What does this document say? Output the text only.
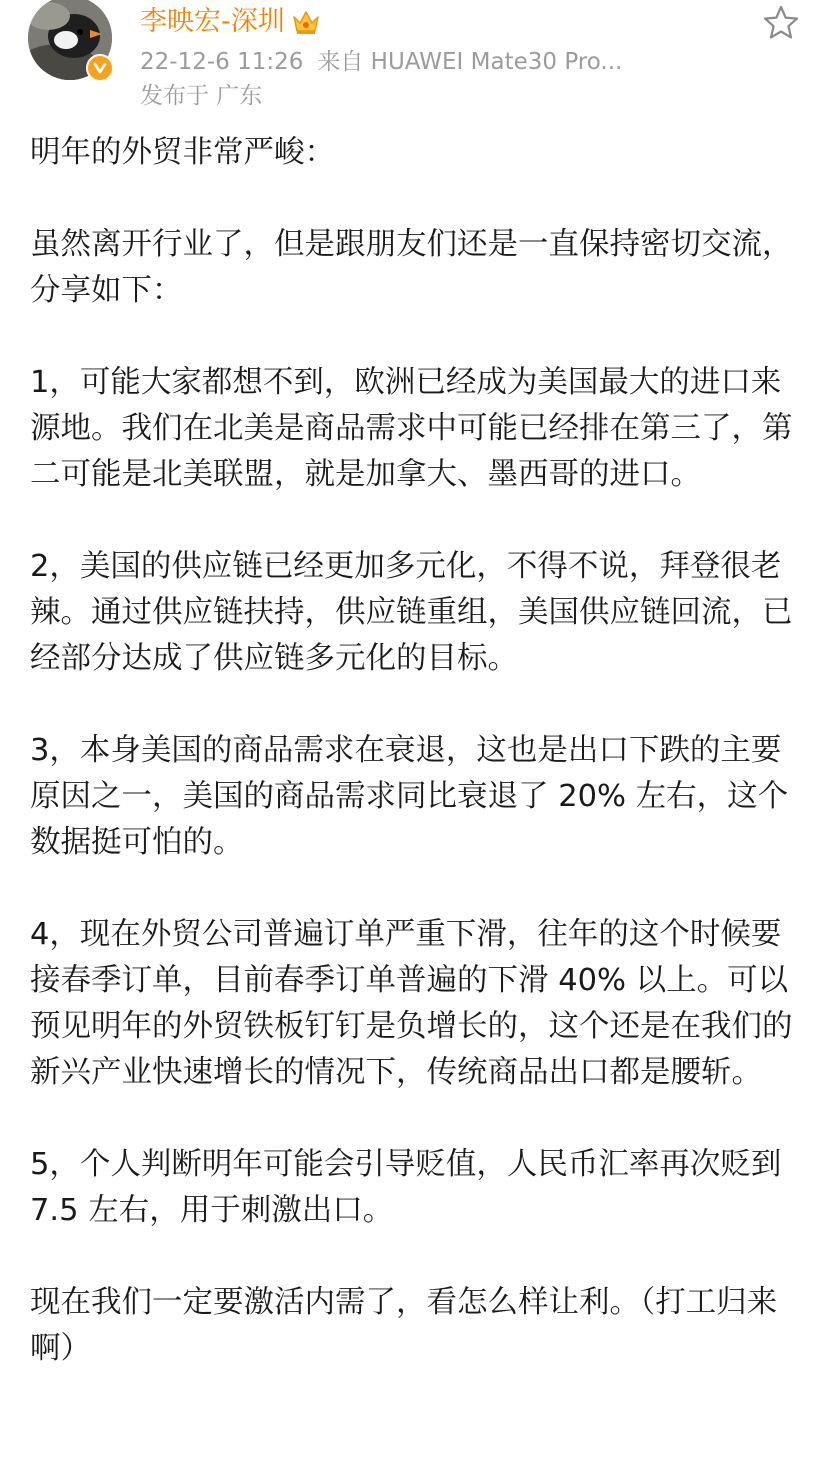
李映宏-深圳
22-12-6 11:26 来自 HUAWEI Mate30 Pro...
发布于 广东

明年的外贸非常严峻：

虽然离开行业了，但是跟朋友们还是一直保持密切交流，分享如下：

1，可能大家都想不到，欧洲已经成为美国最大的进口来源地。我们在北美是商品需求中可能已经排在第三了，第二可能是北美联盟，就是加拿大、墨西哥的进口。

2，美国的供应链已经更加多元化，不得不说，拜登很老辣。通过供应链扶持，供应链重组，美国供应链回流，已经部分达成了供应链多元化的目标。

3，本身美国的商品需求在衰退，这也是出口下跌的主要原因之一，美国的商品需求同比衰退了 20% 左右，这个数据挺可怕的。

4，现在外贸公司普遍订单严重下滑，往年的这个时候要接春季订单，目前春季订单普遍的下滑 40% 以上。可以预见明年的外贸铁板钉钉是负增长的，这个还是在我们的新兴产业快速增长的情况下，传统商品出口都是腰斩。

5，个人判断明年可能会引导贬值，人民币汇率再次贬到 7.5 左右，用于刺激出口。

现在我们一定要激活内需了，看怎么样让利。（打工归来啊）
